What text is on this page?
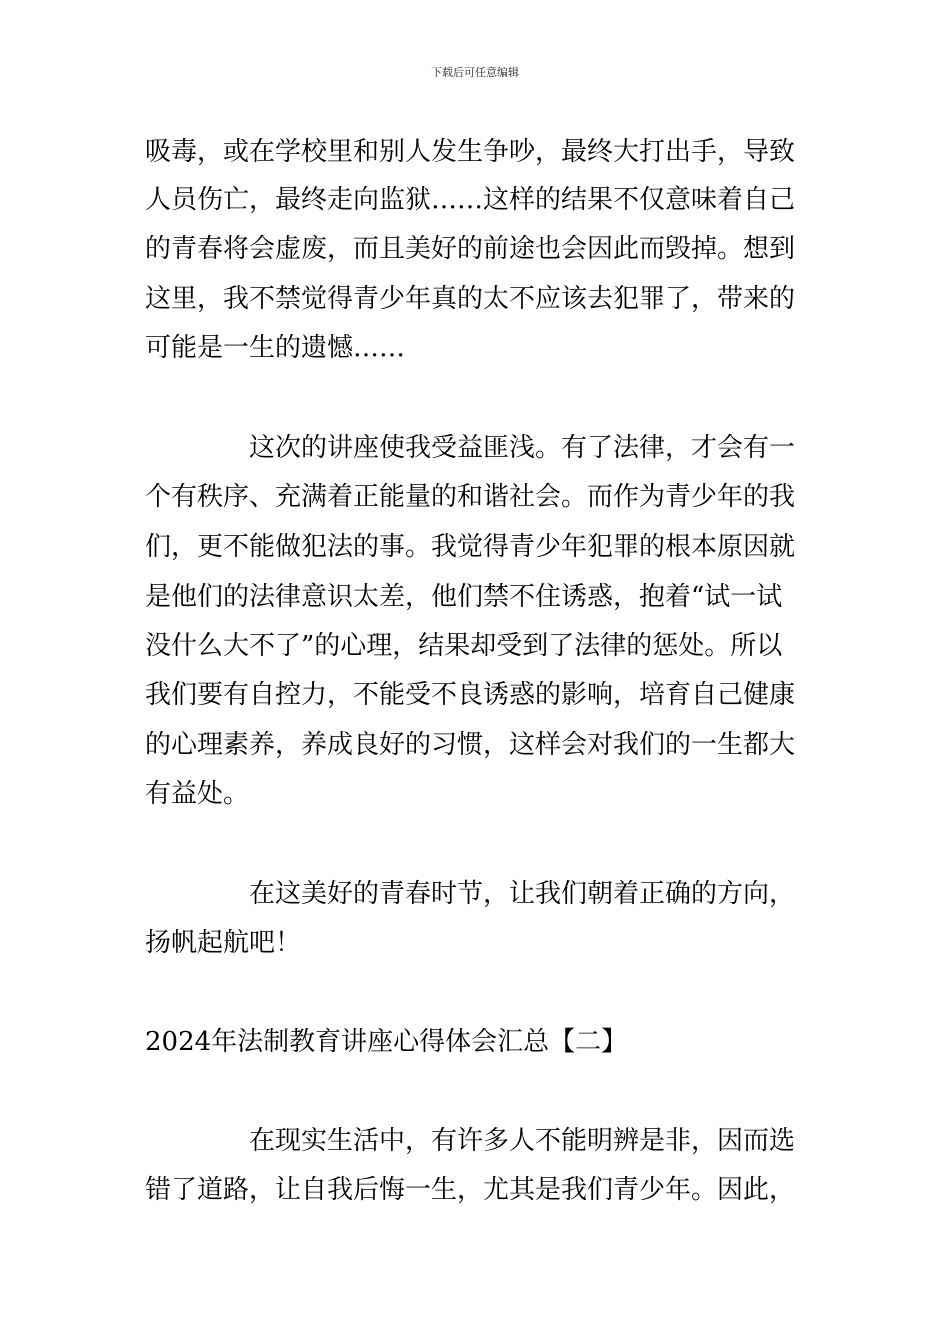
下载后可任意编辑
吸毒，或在学校里和别人发生争吵，最终大打出手，导致
人员伤亡，最终走向监狱……这样的结果不仅意味着自己
的青春将会虚废，而且美好的前途也会因此而毁掉。想到
这里，我不禁觉得青少年真的太不应该去犯罪了，带来的
可能是一生的遗憾……
这次的讲座使我受益匪浅。有了法律，才会有一
个有秩序、充满着正能量的和谐社会。而作为青少年的我
们，更不能做犯法的事。我觉得青少年犯罪的根本原因就
是他们的法律意识太差，他们禁不住诱惑，抱着“试一试
没什么大不了”的心理，结果却受到了法律的惩处。所以
我们要有自控力，不能受不良诱惑的影响，培育自己健康
的心理素养，养成良好的习惯，这样会对我们的一生都大
有益处。
在这美好的青春时节，让我们朝着正确的方向，
扬帆起航吧！
2024年法制教育讲座心得体会汇总【二】
在现实生活中，有许多人不能明辨是非，因而选
错了道路，让自我后悔一生，尤其是我们青少年。因此，
